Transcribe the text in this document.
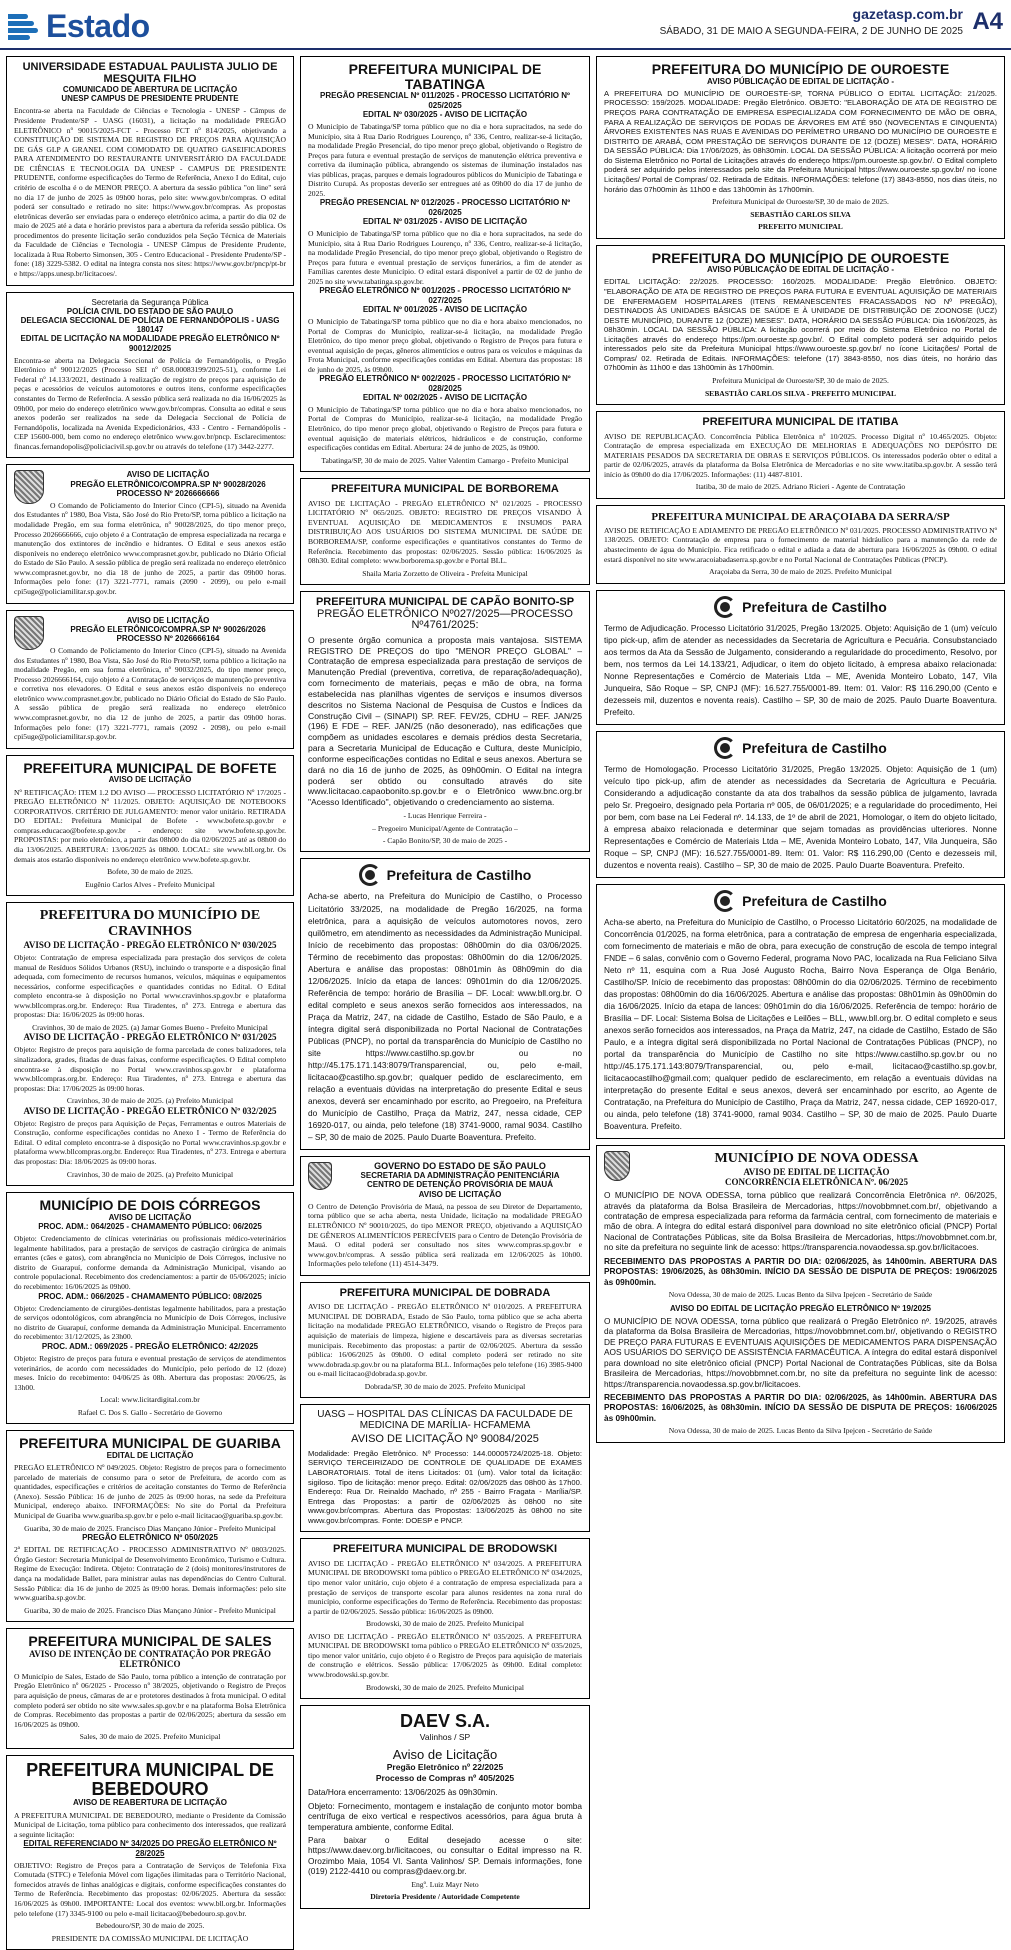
Estado	gazetasp.com.br
SÁBADO, 31 DE MAIO A SEGUNDA-FEIRA, 2 DE JUNHO DE 2025 A4
UNIVERSIDADE ESTADUAL PAULISTA JULIO DE MESQUITA FILHO
COMUNICADO DE ABERTURA DE LICITAÇÃO
UNESP CAMPUS DE PRESIDENTE PRUDENTE

Encontra-se aberta na Faculdade de Ciências e Tecnologia - UNESP - Câmpus de Presidente Prudente/SP - UASG (16031), a licitação na modalidade PREGÃO ELETRÔNICO nº 90015/2025-FCT - Processo FCT nº 814/2025, objetivando a CONSTITUIÇÃO DE SISTEMA DE REGISTRO DE PREÇOS PARA AQUISIÇÃO DE GÁS GLP A GRANEL COM COMODATO DE QUATRO GASEIFICADORES PARA ATENDIMENTO DO RESTAURANTE UNIVERSITÁRIO DA FACULDADE DE CIÊNCIAS E TECNOLOGIA DA UNESP - CAMPUS DE PRESIDENTE PRUDENTE, conforme especificações do Termo de Referência, Anexo I do Edital, cujo critério de escolha é o de MENOR PREÇO. A abertura da sessão pública "on line" será no dia 17 de junho de 2025 às 09h00 horas, pelo site: www.gov.br/compras. O edital poderá ser consultado e retirado no site: https://www.gov.br/compras. As propostas eletrônicas deverão ser enviadas para o endereço eletrônico acima, a partir do dia 02 de maio de 2025 até a data e horário previstos para a abertura da referida sessão pública. Os procedimentos do presente licitação serão conduzidos pela Seção Técnica de Materiais da Faculdade de Ciências e Tecnologia - UNESP Câmpus de Presidente Prudente, localizada à Rua Roberto Simonsen, 305 - Centro Educacional - Presidente Prudente/SP - fone: (18) 3229-5382. O edital na íntegra consta nos sites: https://www.gov.br/pncp/pt-br e https://apps.unesp.br/licitacoes/.

Secretaria da Segurança Pública
POLÍCIA CIVIL DO ESTADO DE SÃO PAULO
DELEGACIA SECCIONAL DE POLÍCIA DE FERNANDÓPOLIS - UASG 180147
EDITAL DE LICITAÇÃO NA MODALIDADE PREGÃO ELETRÔNICO Nº 90012/2025

Encontra-se aberta na Delegacia Seccional de Polícia de Fernandópolis, o Pregão Eletrônico nº 90012/2025 (Processo SEI nº 058.00083199/2025-51), conforme Lei Federal nº 14.133/2021, destinado à realização de registro de preços para aquisição de peças e acessórios de veículos automotores e outros itens, conforme especificações constantes do Termo de Referência. A sessão pública será realizada no dia 16/06/2025 às 09h00, por meio do endereço eletrônico www.gov.br/compras. Consulta ao edital e seus anexos poderão ser realizados na sede da Delegacia Seccional de Polícia de Fernandópolis, localizada na Avenida Expedicionários, 433 - Centro - Fernandópolis - CEP 15600-000, bem como no endereço eletrônico www.gov.br/pncp. Esclarecimentos: financas.fernandopolis@policiacivil.sp.gov.br ou através do telefone (17) 3442-2277.

AVISO DE LICITAÇÃO
PREGÃO ELETRÔNICO/COMPRA.SP Nº 90028/2026
PROCESSO Nº 2026666666

O Comando de Policiamento do Interior Cinco (CPI-5), situado na Avenida dos Estudantes nº 1980, Boa Vista, São José do Rio Preto/SP, torna público a licitação na modalidade Pregão, em sua forma eletrônica, nº 90028/2025, do tipo menor preço, Processo 2026666666, cujo objeto é a Contratação de empresa especializada na recarga e manutenção dos extintores de incêndio e hidrantes. O Edital e seus anexos estão disponíveis no endereço eletrônico www.comprasnet.gov.br, publicado no Diário Oficial do Estado de São Paulo. A sessão pública de pregão será realizada no endereço eletrônico www.comprasnet.gov.br, no dia 18 de junho de 2025, a partir das 09h00 horas. Informações pelo fone: (17) 3221-7771, ramais (2090 - 2099), ou pelo e-mail cpi5uge@policiamilitar.sp.gov.br.

AVISO DE LICITAÇÃO
PREGÃO ELETRÔNICO/COMPRA.SP Nº 90026/2026
PROCESSO Nº 2026666164

O Comando de Policiamento do Interior Cinco (CPI-5), situado na Avenida dos Estudantes nº 1980, Boa Vista, São José do Rio Preto/SP, torna público a licitação na modalidade Pregão, em sua forma eletrônica, nº 90032/2025, do tipo menor preço, Processo 2026666164, cujo objeto é a Contratação de serviços de manutenção preventiva e corretiva nos elevadores. O Edital e seus anexos estão disponíveis no endereço eletrônico www.comprasnet.gov.br, publicado no Diário Oficial do Estado de São Paulo. A sessão pública de pregão será realizada no endereço eletrônico www.comprasnet.gov.br, no dia 12 de junho de 2025, a partir das 09h00 horas. Informações pelo fone: (17) 3221-7771, ramais (2092 - 2098), ou pelo e-mail cpi5uge@policiamilitar.sp.gov.br.

PREFEITURA MUNICIPAL DE BOFETE
AVISO DE LICITAÇÃO

Nº RETIFICAÇÃO: ITEM 1.2 DO AVISO — PROCESSO LICITATÓRIO Nº 17/2025 - PREGÃO ELETRÔNICO Nº 11/2025. OBJETO: AQUISIÇÃO DE NOTEBOOKS CORPORATIVOS. CRITÉRIO DE JULGAMENTO: menor valor unitário. RETIRADA DO EDITAL: Prefeitura Municipal de Bofete - www.bofete.sp.gov.br e compras.educacao@bofete.sp.gov.br - endereço: site www.bofete.sp.gov.br. PROPOSTAS: por meio eletrônico, a partir das 08h00 do dia 02/06/2025 até as 08h00 do dia 13/06/2025. ABERTURA: 13/06/2025 às 08h00. LOCAL: site www.bll.org.br. Os demais atos estarão disponíveis no endereço eletrônico www.bofete.sp.gov.br.

Bofete, 30 de maio de 2025.
Eugênio Carlos Alves - Prefeito Municipal
PREFEITURA DO MUNICÍPIO DE CRAVINHOS
AVISO DE LICITAÇÃO - PREGÃO ELETRÔNICO Nº 030/2025

Objeto: Contratação de empresa especializada para prestação dos serviços de coleta manual de Resíduos Sólidos Urbanos (RSU), incluindo o transporte e a disposição final adequada, com fornecimento de recursos humanos, veículos, máquinas e equipamentos necessários, conforme especificações e quantidades contidas no Edital. O Edital completo encontra-se à disposição no Portal www.cravinhos.sp.gov.br e plataforma www.bllcompras.org.br. Endereço: Rua Tiradentes, nº 273. Entrega e abertura das propostas: Dia: 16/06/2025 às 09:00 horas.

Cravinhos, 30 de maio de 2025. (a) Jamar Gomes Bueno - Prefeito Municipal
AVISO DE LICITAÇÃO - PREGÃO ELETRÔNICO Nº 031/2025

Objeto: Registro de preços para aquisição de forma parcelada de cones balizadores, tela sinalizadora, grades, fitadas de duas faixas, conforme especificações. O Edital completo encontra-se à disposição no Portal www.cravinhos.sp.gov.br e plataforma www.bllcompras.org.br. Endereço: Rua Tiradentes, nº 273. Entrega e abertura das propostas: Dia: 17/06/2025 às 09:00 horas.

Cravinhos, 30 de maio de 2025. (a) Prefeito Municipal
AVISO DE LICITAÇÃO - PREGÃO ELETRÔNICO Nº 032/2025

Objeto: Registro de preços para Aquisição de Peças, Ferramentas e outros Materiais de Construção, conforme especificações contidas no Anexo I - Termo de Referência do Edital. O edital completo encontra-se à disposição no Portal www.cravinhos.sp.gov.br e plataforma www.bllcompras.org.br. Endereço: Rua Tiradentes, nº 273. Entrega e abertura das propostas: Dia: 18/06/2025 às 09:00 horas.

Cravinhos, 30 de maio de 2025. (a) Prefeito Municipal
MUNICÍPIO DE DOIS CÓRREGOS
AVISO DE LICITAÇÃO
PROC. ADM.: 064/2025 - CHAMAMENTO PÚBLICO: 06/2025

Objeto: Credenciamento de clínicas veterinárias ou profissionais médico-veterinários legalmente habilitados, para a prestação de serviços de castração cirúrgica de animais errantes (cães e gatos), com abrangência no Município de Dois Córregos, inclusive no distrito de Guarapuí, conforme demanda da Administração Municipal, visando ao controle populacional. Recebimento dos credenciamentos: a partir de 05/06/2025; início do recebimento: 16/06/2025 às 09h00.

PROC. ADM.: 066/2025 - CHAMAMENTO PÚBLICO: 08/2025

Objeto: Credenciamento de cirurgiões-dentistas legalmente habilitados, para a prestação de serviços odontológicos, com abrangência no Município de Dois Córregos, inclusive no distrito de Guarapuí, conforme demanda da Administração Municipal. Encerramento do recebimento: 31/12/2025, às 23h00.

PROC. ADM.: 069/2025 - PREGÃO ELETRÔNICO: 42/2025

Objeto: Registro de preços para futura e eventual prestação de serviços de atendimentos veterinários, de acordo com necessidades do Município, pelo período de 12 (doze) meses. Início do recebimento: 04/06/25 às 08h. Abertura das propostas: 20/06/25, às 13h00.

Local: www.licitardigital.com.br
Rafael C. Dos S. Gallo - Secretário de Governo
PREFEITURA MUNICIPAL DE GUARIBA
EDITAL DE LICITAÇÃO

PREGÃO ELETRÔNICO Nº 049/2025. Objeto: Registro de preços para o fornecimento parcelado de materiais de consumo para o setor de Prefeitura, de acordo com as quantidades, especificações e critérios de aceitação constantes do Termo de Referência (Anexo). Sessão Pública: 16 de junho de 2025 às 09:00 horas, na sede da Prefeitura Municipal, endereço abaixo. INFORMAÇÕES: No site do Portal da Prefeitura Municipal de Guariba www.guariba.sp.gov.br e pelo e-mail licitacao@guariba.sp.gov.br.

Guariba, 30 de maio de 2025. Francisco Dias Mançano Júnior - Prefeito Municipal
PREGÃO ELETRÔNICO Nº 050/2025

2ª EDITAL DE RETIFICAÇÃO - PROCESSO ADMINISTRATIVO Nº 0803/2025. Órgão Gestor: Secretaria Municipal de Desenvolvimento Econômico, Turismo e Cultura. Regime de Execução: Indireta. Objeto: Contratação de 2 (dois) monitores/instrutores de dança na modalidade Ballet, para ministrar aulas nas dependências do Centro Cultural. Sessão Pública: dia 16 de junho de 2025 às 09:00 horas. Demais informações: pelo site www.guariba.sp.gov.br.

Guariba, 30 de maio de 2025. Francisco Dias Mançano Júnior - Prefeito Municipal
PREFEITURA MUNICIPAL DE SALES
AVISO DE INTENÇÃO DE CONTRATAÇÃO POR PREGÃO ELETRÔNICO

O Município de Sales, Estado de São Paulo, torna público a intenção de contratação por Pregão Eletrônico nº 06/2025 - Processo nº 38/2025, objetivando o Registro de Preços para aquisição de pneus, câmaras de ar e protetores destinados à frota municipal. O edital completo poderá ser obtido no site www.sales.sp.gov.br e na plataforma Bolsa Eletrônica de Compras. Recebimento das propostas a partir de 02/06/2025; abertura da sessão em 16/06/2025 às 09h00.

Sales, 30 de maio de 2025. Prefeito Municipal
PREFEITURA MUNICIPAL DE BEBEDOURO
AVISO DE REABERTURA DE LICITAÇÃO

A PREFEITURA MUNICIPAL DE BEBEDOURO, mediante o Presidente da Comissão Municipal de Licitação, torna público para conhecimento dos interessados, que realizará a seguinte licitação:

EDITAL REFERENCIADO Nº 34/2025 DO PREGÃO ELETRÔNICO Nº 28/2025

OBJETIVO: Registro de Preços para a Contratação de Serviços de Telefonia Fixa Comutada (STFC) e Telefonia Móvel com ligações ilimitadas para o Território Nacional, fornecidos através de linhas analógicas e digitais, conforme especificações constantes do Termo de Referência. Recebimento das propostas: 02/06/2025. Abertura da sessão: 16/06/2025 às 09h00. IMPORTANTE: Local dos eventos: www.bll.org.br. Informações pelo telefone (17) 3345-9100 ou pelo e-mail licitacao@bebedouro.sp.gov.br.

Bebedouro/SP, 30 de maio de 2025.
PRESIDENTE DA COMISSÃO MUNICIPAL DE LICITAÇÃO
PREFEITURA MUNICIPAL DE TABATINGA
PREGÃO PRESENCIAL Nº 011/2025 - PROCESSO LICITATÓRIO Nº 025/2025
EDITAL Nº 030/2025 - AVISO DE LICITAÇÃO

O Município de Tabatinga/SP torna público que no dia e hora supracitados, na sede do Município, sita à Rua Dario Rodrigues Lourenço, nº 336, Centro, realizar-se-á licitação, na modalidade Pregão Presencial, do tipo menor preço global, objetivando o Registro de Preços para futura e eventual prestação de serviços de manutenção elétrica preventiva e corretiva da iluminação pública, abrangendo os sistemas de iluminação instalados nas vias públicas, praças, parques e demais logradouros públicos do Município de Tabatinga e Distrito Curupá. As propostas deverão ser entregues até as 09h00 do dia 17 de junho de 2025.

PREGÃO PRESENCIAL Nº 012/2025 - PROCESSO LICITATÓRIO Nº 026/2025
EDITAL Nº 031/2025 - AVISO DE LICITAÇÃO

O Município de Tabatinga/SP torna público que no dia e hora supracitados, na sede do Município, sita à Rua Dario Rodrigues Lourenço, nº 336, Centro, realizar-se-á licitação, na modalidade Pregão Presencial, do tipo menor preço global, objetivando o Registro de Preços para futura e eventual prestação de serviços funerários, a fim de atender as Famílias carentes deste Município. O edital estará disponível a partir de 02 de junho de 2025 no site www.tabatinga.sp.gov.br.

PREGÃO ELETRÔNICO Nº 001/2025 - PROCESSO LICITATÓRIO Nº 027/2025
EDITAL Nº 001/2025 - AVISO DE LICITAÇÃO

O Município de Tabatinga/SP torna público que no dia e hora abaixo mencionados, no Portal de Compras do Município, realizar-se-á licitação, na modalidade Pregão Eletrônico, do tipo menor preço global, objetivando o Registro de Preços para futura e eventual aquisição de peças, gêneros alimentícios e outros para os veículos e máquinas da Frota Municipal, conforme especificações contidas em Edital. Abertura das propostas: 18 de junho de 2025, às 09h00.

PREGÃO ELETRÔNICO Nº 002/2025 - PROCESSO LICITATÓRIO Nº 028/2025
EDITAL Nº 002/2025 - AVISO DE LICITAÇÃO

O Município de Tabatinga/SP torna público que no dia e hora abaixo mencionados, no Portal de Compras do Município, realizar-se-á licitação, na modalidade Pregão Eletrônico, do tipo menor preço global, objetivando o Registro de Preços para futura e eventual aquisição de materiais elétricos, hidráulicos e de construção, conforme especificações contidas em Edital. Abertura: 24 de junho de 2025, às 09h00.

Tabatinga/SP, 30 de maio de 2025. Valter Valentim Camargo - Prefeito Municipal
PREFEITURA MUNICIPAL DE BORBOREMA

AVISO DE LICITAÇÃO - PREGÃO ELETRÔNICO Nº 021/2025 - PROCESSO LICITATÓRIO Nº 065/2025. OBJETO: REGISTRO DE PREÇOS VISANDO À EVENTUAL AQUISIÇÃO DE MEDICAMENTOS E INSUMOS PARA DISTRIBUIÇÃO AOS USUÁRIOS DO SISTEMA MUNICIPAL DE SAÚDE DE BORBOREMA/SP, conforme especificações e quantitativos constantes do Termo de Referência. Recebimento das propostas: 02/06/2025. Sessão pública: 16/06/2025 às 08h30. Edital completo: www.borborema.sp.gov.br e Portal BLL.

Shaila Maria Zorzetto de Oliveira - Prefeita Municipal
PREFEITURA MUNICIPAL DE CAPÃO BONITO-SP
PREGÃO ELETRÔNICO Nº027/2025—PROCESSO Nº4761/2025:

O presente órgão comunica a proposta mais vantajosa. SISTEMA REGISTRO DE PREÇOS do tipo "MENOR PREÇO GLOBAL" – Contratação de empresa especializada para prestação de serviços de Manutenção Predial (preventiva, corretiva, de reparação/adequação), com fornecimento de materiais, peças e mão de obra, na forma estabelecida nas planilhas vigentes de serviços e insumos diversos descritos no Sistema Nacional de Pesquisa de Custos e Índices da Construção Civil – (SINAPI) SP. REF. FEV/25, CDHU – REF. JAN/25 (196) E FDE – REF. JAN/25 (não desonerado), nas edificações que compõem as unidades escolares e demais prédios desta Secretaria, para a Secretaria Municipal de Educação e Cultura, deste Município, conforme especificações contidas no Edital e seus anexos. Abertura se dará no dia 16 de junho de 2025, às 09h00min. O Edital na íntegra poderá ser obtido ou consultado através do site www.licitacao.capaobonito.sp.gov.br e o Eletrônico www.bnc.org.br "Acesso Identificado", objetivando o credenciamento ao sistema.

- Lucas Henrique Ferreira -
– Pregoeiro Municipal/Agente de Contratação –
- Capão Bonito/SP, 30 de maio de 2025 -
Prefeitura de Castilho

Acha-se aberto, na Prefeitura do Município de Castilho, o Processo Licitatório 33/2025, na modalidade de Pregão 16/2025, na forma eletrônica, para a aquisição de veículos automotores novos, zero quilômetro, em atendimento as necessidades da Administração Municipal. Início de recebimento das propostas: 08h00min do dia 03/06/2025. Término de recebimento das propostas: 08h00min do dia 12/06/2025. Abertura e análise das propostas: 08h01min às 08h09min do dia 12/06/2025. Início da etapa de lances: 09h01min do dia 12/06/2025. Referência de tempo: horário de Brasília – DF. Local: www.bll.org.br. O edital completo e seus anexos serão fornecidos aos interessados, na Praça da Matriz, 247, na cidade de Castilho, Estado de São Paulo, e a íntegra digital será disponibilizada no Portal Nacional de Contratações Públicas (PNCP), no portal da transparência do Município de Castilho no site https://www.castilho.sp.gov.br ou no http://45.175.171.143:8079/Transparencial, ou, pelo e-mail, licitacao@castilho.sp.gov.br; qualquer pedido de esclarecimento, em relação a eventuais dúvidas na interpretação do presente Edital e seus anexos, deverá ser encaminhado por escrito, ao Pregoeiro, na Prefeitura do Município de Castilho, Praça da Matriz, 247, nessa cidade, CEP 16920-017, ou ainda, pelo telefone (18) 3741-9000, ramal 9034. Castilho – SP, 30 de maio de 2025. Paulo Duarte Boaventura. Prefeito.

GOVERNO DO ESTADO DE SÃO PAULO
SECRETARIA DA ADMINISTRAÇÃO PENITENCIÁRIA
CENTRO DE DETENÇÃO PROVISÓRIA DE MAUÁ
AVISO DE LICITAÇÃO

O Centro de Detenção Provisória de Mauá, na pessoa de seu Diretor de Departamento, torna público que se acha aberta, nesta Unidade, licitação na modalidade PREGÃO ELETRÔNICO Nº 90010/2025, do tipo MENOR PREÇO, objetivando a AQUISIÇÃO DE GÊNEROS ALIMENTÍCIOS PERECÍVEIS para o Centro de Detenção Provisória de Mauá. O edital poderá ser consultado nos sites www.compras.sp.gov.br e www.gov.br/compras. A sessão pública será realizada em 12/06/2025 às 10h00. Informações pelo telefone (11) 4514-3479.

PREFEITURA MUNICIPAL DE DOBRADA

AVISO DE LICITAÇÃO - PREGÃO ELETRÔNICO Nº 010/2025. A PREFEITURA MUNICIPAL DE DOBRADA, Estado de São Paulo, torna público que se acha aberta licitação na modalidade PREGÃO ELETRÔNICO, visando o Registro de Preços para aquisição de materiais de limpeza, higiene e descartáveis para as diversas secretarias municipais. Recebimento das propostas: a partir de 02/06/2025. Abertura da sessão pública: 16/06/2025 às 09h00. O edital completo poderá ser retirado no site www.dobrada.sp.gov.br ou na plataforma BLL. Informações pelo telefone (16) 3985-9400 ou e-mail licitacao@dobrada.sp.gov.br.

Dobrada/SP, 30 de maio de 2025. Prefeito Municipal
UASG – HOSPITAL DAS CLÍNICAS DA FACULDADE DE MEDICINA DE MARÍLIA- HCFAMEMA
AVISO DE LICITAÇÃO Nº 90084/2025

Modalidade: Pregão Eletrônico. Nº Processo: 144.00005724/2025-18. Objeto: SERVIÇO TERCEIRIZADO DE CONTROLE DE QUALIDADE DE EXAMES LABORATORIAIS. Total de itens Licitados: 01 (um). Valor total da licitação: sigiloso. Tipo de licitação: menor preço. Edital: 02/06/2025 das 08h00 às 17h00. Endereço: Rua Dr. Reinaldo Machado, nº 255 - Bairro Fragata - Marília/SP. Entrega das Propostas: a partir de 02/06/2025 às 08h00 no site www.gov.br/compras. Abertura das Propostas: 13/06/2025 às 08h00 no site www.gov.br/compras. Fonte: DOESP e PNCP.

PREFEITURA MUNICIPAL DE BRODOWSKI

AVISO DE LICITAÇÃO - PREGÃO ELETRÔNICO Nº 034/2025. A PREFEITURA MUNICIPAL DE BRODOWSKI torna público o PREGÃO ELETRÔNICO Nº 034/2025, tipo menor valor unitário, cujo objeto é a contratação de empresa especializada para a prestação de serviços de transporte escolar para alunos residentes na zona rural do município, conforme especificações do Termo de Referência. Recebimento das propostas: a partir de 02/06/2025. Sessão pública: 16/06/2025 às 09h00.

Brodowski, 30 de maio de 2025. Prefeito Municipal

AVISO DE LICITAÇÃO - PREGÃO ELETRÔNICO Nº 035/2025. A PREFEITURA MUNICIPAL DE BRODOWSKI torna público o PREGÃO ELETRÔNICO Nº 035/2025, tipo menor valor unitário, cujo objeto é o Registro de Preços para aquisição de materiais de construção e elétricos. Sessão pública: 17/06/2025 às 09h00. Edital completo: www.brodowski.sp.gov.br.

Brodowski, 30 de maio de 2025. Prefeito Municipal
DAEV S.A.
Valinhos / SP
Aviso de Licitação
Pregão Eletrônico nº 22/2025
Processo de Compras nº 405/2025

Data/Hora encerramento: 13/06/2025 às 09h30min.

Objeto: Fornecimento, montagem e instalação de conjunto motor bomba centrífuga de eixo vertical e respectivos acessórios, para água bruta à temperatura ambiente, conforme Edital.

Para baixar o Edital desejado acesse o site: https://www.daev.org.br/licitacoes, ou consultar o Edital impresso na R. Orozimbo Maia, 1054 Vl. Santa Valinhos/ SP. Demais informações, fone (019) 2122-4410 ou compras@daev.org.br.

Engº. Luiz Mayr Neto
Diretoria Presidente / Autoridade Competente
PREFEITURA DO MUNICÍPIO DE OUROESTE
AVISO PÚBLICAÇÃO DE EDITAL DE LICITAÇÃO -

A PREFEITURA DO MUNICÍPIO DE OUROESTE-SP, TORNA PÚBLICO O EDITAL LICITAÇÃO: 21/2025. PROCESSO: 159/2025. MODALIDADE: Pregão Eletrônico. OBJETO: "ELABORAÇÃO DE ATA DE REGISTRO DE PREÇOS PARA CONTRATAÇÃO DE EMPRESA ESPECIALIZADA COM FORNECIMENTO DE MÃO DE OBRA, PARA A REALIZAÇÃO DE SERVIÇOS DE PODAS DE ÁRVORES EM ATÉ 950 (NOVECENTAS E CINQUENTA) ÁRVORES EXISTENTES NAS RUAS E AVENIDAS DO PERÍMETRO URBANO DO MUNICÍPIO DE OUROESTE E DISTRITO DE ARABÁ, COM PRESTAÇÃO DE SERVIÇOS DURANTE DE 12 (DOZE) MESES". DATA, HORÁRIO DA SESSÃO PÚBLICA: Dia 17/06/2025, às 08h30min. LOCAL DA SESSÃO PÚBLICA: A licitação ocorrerá por meio do Sistema Eletrônico no Portal de Licitações através do endereço https://pm.ouroeste.sp.gov.br/. O Edital completo poderá ser adquirido pelos interessados pelo site da Prefeitura Municipal https://www.ouroeste.sp.gov.br/ no ícone Licitações/ Portal de Compras/ 02. Retirada de Editais. INFORMAÇÕES: telefone (17) 3843-8550, nos dias úteis, no horário das 07h00min às 11h00 e das 13h00min às 17h00min.

Prefeitura Municipal de Ouroeste/SP, 30 de maio de 2025.
SEBASTIÃO CARLOS SILVA
PREFEITO MUNICIPAL
PREFEITURA DO MUNICÍPIO DE OUROESTE
AVISO PÚBLICAÇÃO DE EDITAL DE LICITAÇÃO -

EDITAL LICITAÇÃO: 22/2025. PROCESSO: 160/2025. MODALIDADE: Pregão Eletrônico. OBJETO: "ELABORAÇÃO DE ATA DE REGISTRO DE PREÇOS PARA FUTURA E EVENTUAL AQUISIÇÃO DE MATERIAIS DE ENFERMAGEM HOSPITALARES (ITENS REMANESCENTES FRACASSADOS NO Nº PREGÃO), DESTINADOS ÀS UNIDADES BÁSICAS DE SAÚDE E À UNIDADE DE DISTRIBUIÇÃO DE ZOONOSE (UCZ) DESTE MUNICÍPIO, DURANTE 12 (DOZE) MESES". DATA, HORÁRIO DA SESSÃO PÚBLICA: Dia 16/06/2025, às 08h30min. LOCAL DA SESSÃO PÚBLICA: A licitação ocorrerá por meio do Sistema Eletrônico no Portal de Licitações através do endereço https://pm.ouroeste.sp.gov.br/. O Edital completo poderá ser adquirido pelos interessados pelo site da Prefeitura Municipal https://www.ouroeste.sp.gov.br/ no ícone Licitações/ Portal de Compras/ 02. Retirada de Editais. INFORMAÇÕES: telefone (17) 3843-8550, nos dias úteis, no horário das 07h00min às 11h00 e das 13h00min às 17h00min.

Prefeitura Municipal de Ouroeste/SP, 30 de maio de 2025.
SEBASTIÃO CARLOS SILVA - PREFEITO MUNICIPAL
PREFEITURA MUNICIPAL DE ITATIBA

AVISO DE REPUBLICAÇÃO. Concorrência Pública Eletrônica nº 10/2025. Processo Digital nº 10.465/2025. Objeto: Contratação de empresa especializada em EXECUÇÃO DE MELHORIAS E ADEQUAÇÕES NO DEPÓSITO DE MATERIAIS PESADOS DA SECRETARIA DE OBRAS E SERVIÇOS PÚBLICOS. Os interessados poderão obter o edital a partir de 02/06/2025, através da plataforma da Bolsa Eletrônica de Mercadorias e no site www.itatiba.sp.gov.br. A sessão terá início às 09h00 do dia 17/06/2025. Informações: (11) 4487-8101.

Itatiba, 30 de maio de 2025. Adriano Ricieri - Agente de Contratação
PREFEITURA MUNICIPAL DE ARAÇOIABA DA SERRA/SP

AVISO DE RETIFICAÇÃO E ADIAMENTO DE PREGÃO ELETRÔNICO Nº 031/2025. PROCESSO ADMINISTRATIVO Nº 138/2025. OBJETO: Contratação de empresa para o fornecimento de material hidráulico para a manutenção da rede de abastecimento de água do Município. Fica retificado o edital e adiada a data de abertura para 16/06/2025 às 09h00. O edital estará disponível no site www.aracoiabadaserra.sp.gov.br e no Portal Nacional de Contratações Públicas (PNCP).

Araçoiaba da Serra, 30 de maio de 2025. Prefeito Municipal
Prefeitura de Castilho

Termo de Adjudicação. Processo Licitatório 31/2025, Pregão 13/2025. Objeto: Aquisição de 1 (um) veículo tipo pick-up, afim de atender as necessidades da Secretaria de Agricultura e Pecuária. Consubstanciado aos termos da Ata da Sessão de Julgamento, considerando a regularidade do procedimento, Resolvo, por bem, nos termos da Lei 14.133/21, Adjudicar, o item do objeto licitado, à empresa abaixo relacionada: Nonne Representações e Comércio de Materiais Ltda – ME, Avenida Monteiro Lobato, 147, Vila Junqueira, São Roque – SP, CNPJ (MF): 16.527.755/0001-89. Item: 01. Valor: R$ 116.290,00 (Cento e dezesseis mil, duzentos e noventa reais). Castilho – SP, 30 de maio de 2025. Paulo Duarte Boaventura. Prefeito.

Prefeitura de Castilho

Termo de Homologação. Processo Licitatório 31/2025, Pregão 13/2025. Objeto: Aquisição de 1 (um) veículo tipo pick-up, afim de atender as necessidades da Secretaria de Agricultura e Pecuária. Considerando a adjudicação constante da ata dos trabalhos da sessão pública de julgamento, lavrada pelo Sr. Pregoeiro, designado pela Portaria nº 005, de 06/01/2025; e a regularidade do procedimento, Hei por bem, com base na Lei Federal nº. 14.133, de 1º de abril de 2021, Homologar, o item do objeto licitado, à empresa abaixo relacionada e determinar que sejam tomadas as providências ulteriores. Nonne Representações e Comércio de Materiais Ltda – ME, Avenida Monteiro Lobato, 147, Vila Junqueira, São Roque – SP, CNPJ (MF): 16.527.755/0001-89. Item: 01. Valor: R$ 116.290,00 (Cento e dezesseis mil, duzentos e noventa reais). Castilho – SP, 30 de maio de 2025. Paulo Duarte Boaventura. Prefeito.

Prefeitura de Castilho

Acha-se aberto, na Prefeitura do Município de Castilho, o Processo Licitatório 60/2025, na modalidade de Concorrência 01/2025, na forma eletrônica, para a contratação de empresa de engenharia especializada, com fornecimento de materiais e mão de obra, para execução de construção de escola de tempo integral FNDE – 6 salas, convênio com o Governo Federal, programa Novo PAC, localizada na Rua Feliciano Silva Neto nº 11, esquina com a Rua José Augusto Rocha, Bairro Nova Esperança de Olga Benário, Castilho/SP. Início de recebimento das propostas: 08h00min do dia 02/06/2025. Término de recebimento das propostas: 08h00min do dia 16/06/2025. Abertura e análise das propostas: 08h01min às 09h00min do dia 16/06/2025. Início da etapa de lances: 09h01min do dia 16/06/2025. Referência de tempo: horário de Brasília – DF. Local: Sistema Bolsa de Licitações e Leilões – BLL, www.bll.org.br. O edital completo e seus anexos serão fornecidos aos interessados, na Praça da Matriz, 247, na cidade de Castilho, Estado de São Paulo, e a íntegra digital será disponibilizada no Portal Nacional de Contratações Públicas (PNCP), no portal da transparência do Município de Castilho no site https://www.castilho.sp.gov.br ou no http://45.175.171.143:8079/Transparencial, ou, pelo e-mail, licitacao@castilho.sp.gov.br, licitacaocastilho@gmail.com; qualquer pedido de esclarecimento, em relação a eventuais dúvidas na interpretação do presente Edital e seus anexos, deverá ser encaminhado por escrito, ao Agente de Contratação, na Prefeitura do Município de Castilho, Praça da Matriz, 247, nessa cidade, CEP 16920-017, ou ainda, pelo telefone (18) 3741-9000, ramal 9034. Castilho – SP, 30 de maio de 2025. Paulo Duarte Boaventura. Prefeito.

MUNICÍPIO DE NOVA ODESSA
AVISO DE EDITAL DE LICITAÇÃO
CONCORRÊNCIA ELETRÔNICA Nº. 06/2025

O MUNICÍPIO DE NOVA ODESSA, torna público que realizará Concorrência Eletrônica nº. 06/2025, através da plataforma da Bolsa Brasileira de Mercadorias, https://novobbmnet.com.br/, objetivando a contratação de empresa especializada para reforma da farmácia central, com fornecimento de materiais e mão de obra. A íntegra do edital estará disponível para download no site eletrônico oficial (PNCP) Portal Nacional de Contratações Públicas, site da Bolsa Brasileira de Mercadorias, https://novobbmnet.com.br, no site da prefeitura no seguinte link de acesso: https://transparencia.novaodessa.sp.gov.br/licitacoes.

RECEBIMENTO DAS PROPOSTAS A PARTIR DO DIA: 02/06/2025, às 14h00min. ABERTURA DAS PROPOSTAS: 19/06/2025, às 08h30min. INÍCIO DA SESSÃO DE DISPUTA DE PREÇOS: 19/06/2025 às 09h00min.

Nova Odessa, 30 de maio de 2025. Lucas Bento da Silva Ipejcen - Secretário de Saúde
AVISO DO EDITAL DE LICITAÇÃO PREGÃO ELETRÔNICO Nº 19/2025

O MUNICÍPIO DE NOVA ODESSA, torna público que realizará o Pregão Eletrônico nº. 19/2025, através da plataforma da Bolsa Brasileira de Mercadorias, https://novobbmnet.com.br/, objetivando o REGISTRO DE PREÇO PARA FUTURAS E EVENTUAIS AQUISIÇÕES DE MEDICAMENTOS PARA DISPENSAÇÃO AOS USUÁRIOS DO SERVIÇO DE ASSISTÊNCIA FARMACÊUTICA. A íntegra do edital estará disponível para download no site eletrônico oficial (PNCP) Portal Nacional de Contratações Públicas, site da Bolsa Brasileira de Mercadorias, https://novobbmnet.com.br, no site da prefeitura no seguinte link de acesso: https://transparencia.novaodessa.sp.gov.br/licitacoes.

RECEBIMENTO DAS PROPOSTAS A PARTIR DO DIA: 02/06/2025, às 14h00min. ABERTURA DAS PROPOSTAS: 16/06/2025, às 08h30min. INÍCIO DA SESSÃO DE DISPUTA DE PREÇOS: 16/06/2025 às 09h00min.

Nova Odessa, 30 de maio de 2025. Lucas Bento da Silva Ipejcen - Secretário de Saúde
